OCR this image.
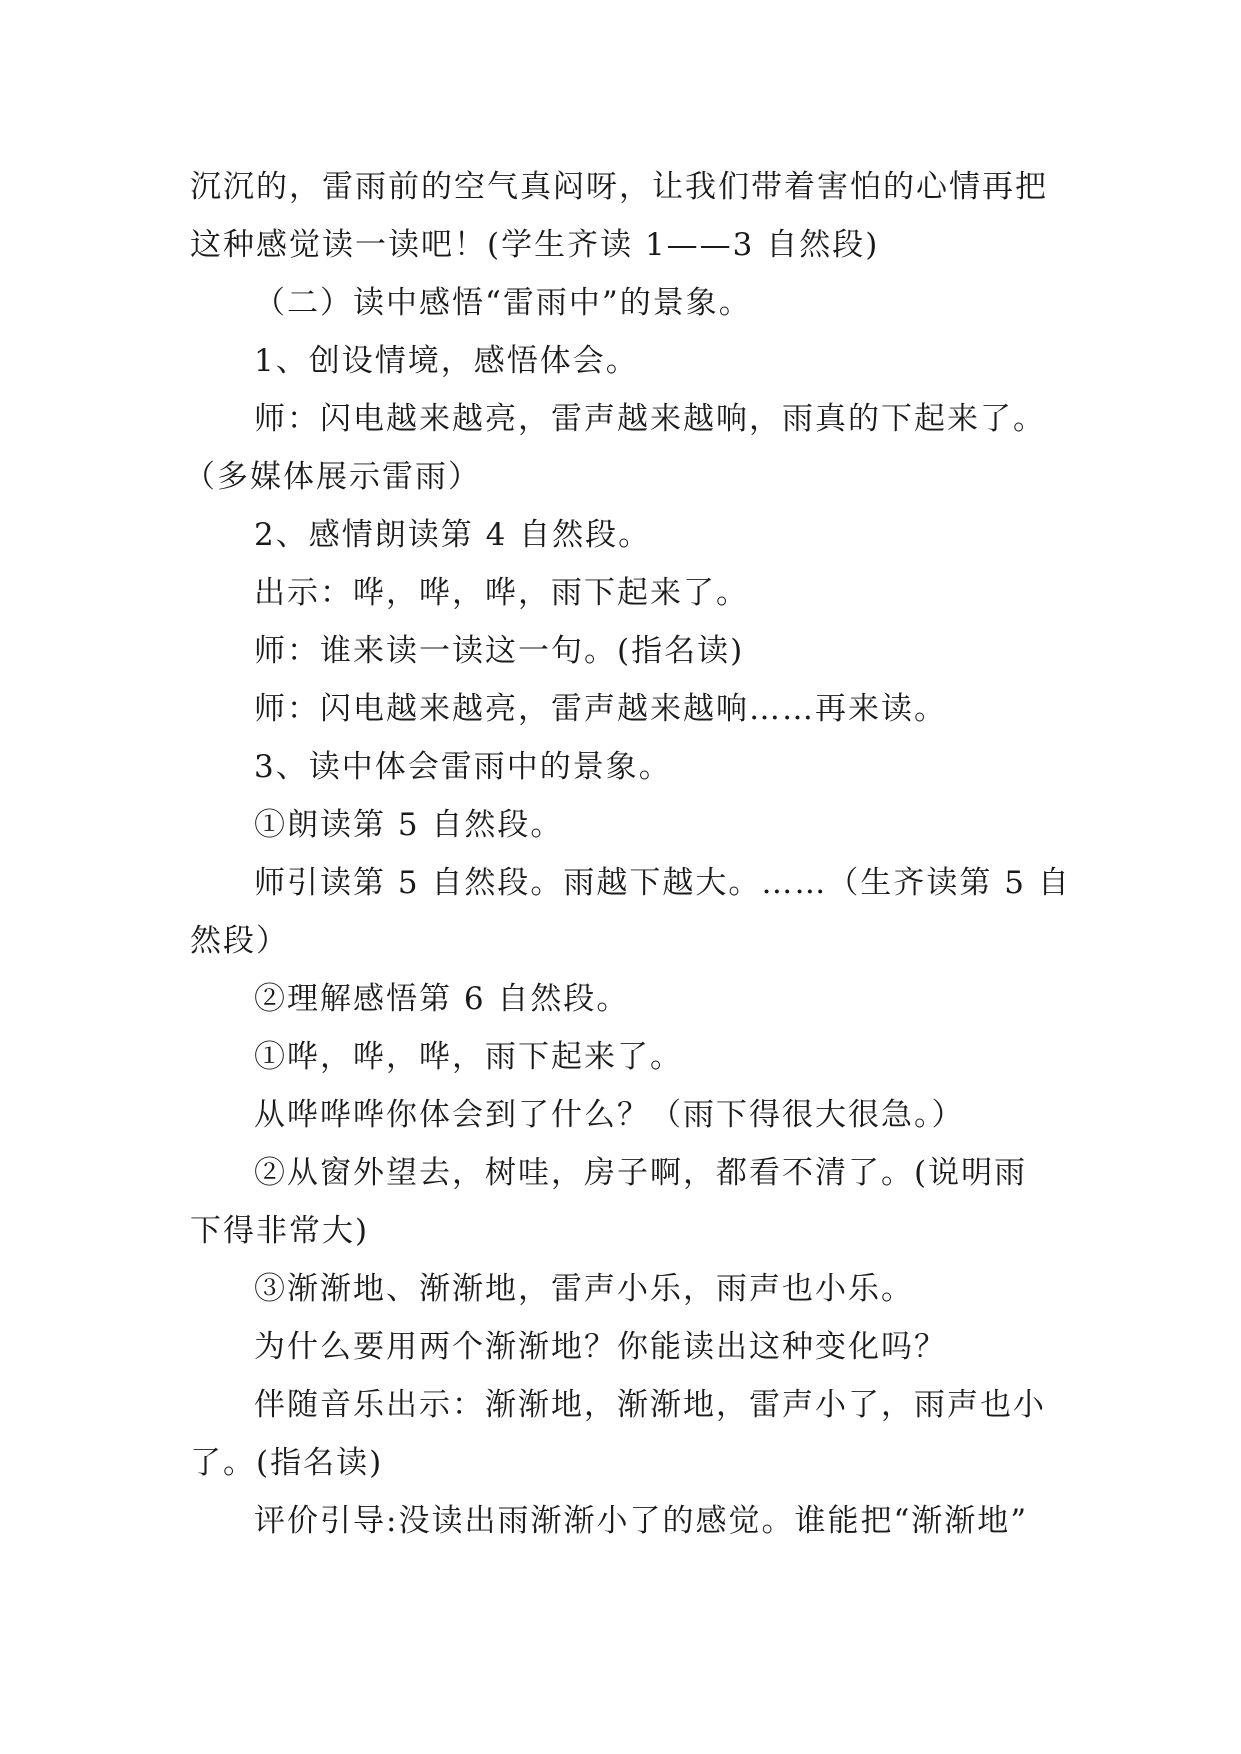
沉沉的，雷雨前的空气真闷呀，让我们带着害怕的心情再把
这种感觉读一读吧！(学生齐读 1——3 自然段)
（二）读中感悟“雷雨中”的景象。
1、创设情境，感悟体会。
师：闪电越来越亮，雷声越来越响，雨真的下起来了。
（多媒体展示雷雨）
2、感情朗读第 4 自然段。
出示：哗，哗，哗，雨下起来了。
师：谁来读一读这一句。(指名读)
师：闪电越来越亮，雷声越来越响……再来读。
3、读中体会雷雨中的景象。
①朗读第 5 自然段。
师引读第 5 自然段。雨越下越大。……（生齐读第 5 自
然段）
②理解感悟第 6 自然段。
①哗，哗，哗，雨下起来了。
从哗哗哗你体会到了什么？（雨下得很大很急。）
②从窗外望去，树哇，房子啊，都看不清了。(说明雨
下得非常大)
③渐渐地、渐渐地，雷声小乐，雨声也小乐。
为什么要用两个渐渐地？你能读出这种变化吗？
伴随音乐出示：渐渐地，渐渐地，雷声小了，雨声也小
了。(指名读)
评价引导:没读出雨渐渐小了的感觉。谁能把“渐渐地”
